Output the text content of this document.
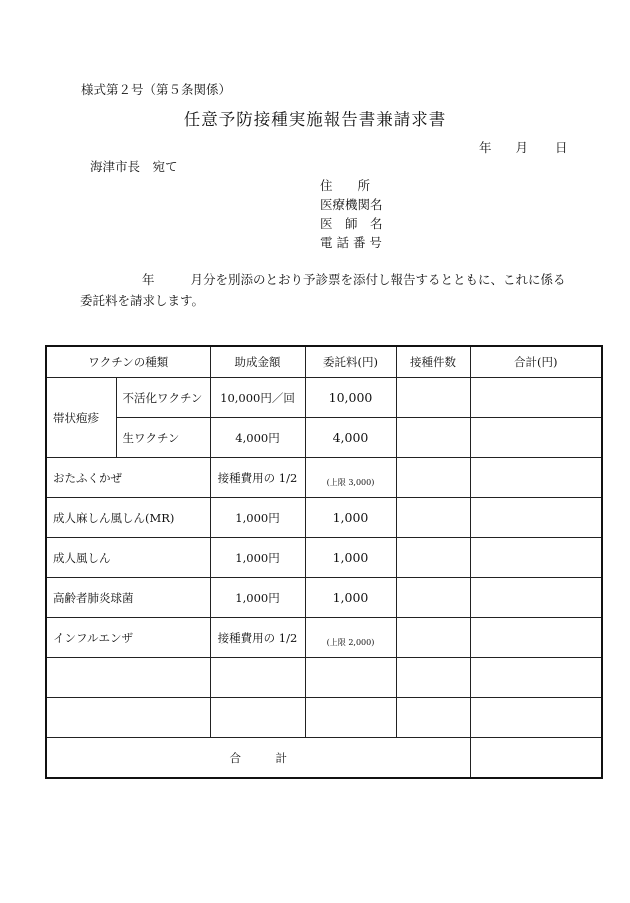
様式第２号（第５条関係）
任意予防接種実施報告書兼請求書
年 月 日
海津市長　宛て
住　　所
医療機関名
医　師　名
電 話 番 号
年	月分を別添のとおり予診票を添付し報告するとともに、これに係る
委託料を請求します。
ワクチンの種類		助成金額	委託料(円)	接種件数	合計(円)
帯状疱疹	不活化ワクチン	10,000円／回	10,000		
	生ワクチン	4,000円	4,000		
おたふくかぜ		接種費用の 1/2	(上限 3,000)		

成人麻しん風しん(MR)		1,000円	1,000		
成人風しん		1,000円	1,000		
高齢者肺炎球菌		1,000円	1,000		
インフルエンザ		接種費用の 1/2	(上限 2,000)		

合　　　計					
